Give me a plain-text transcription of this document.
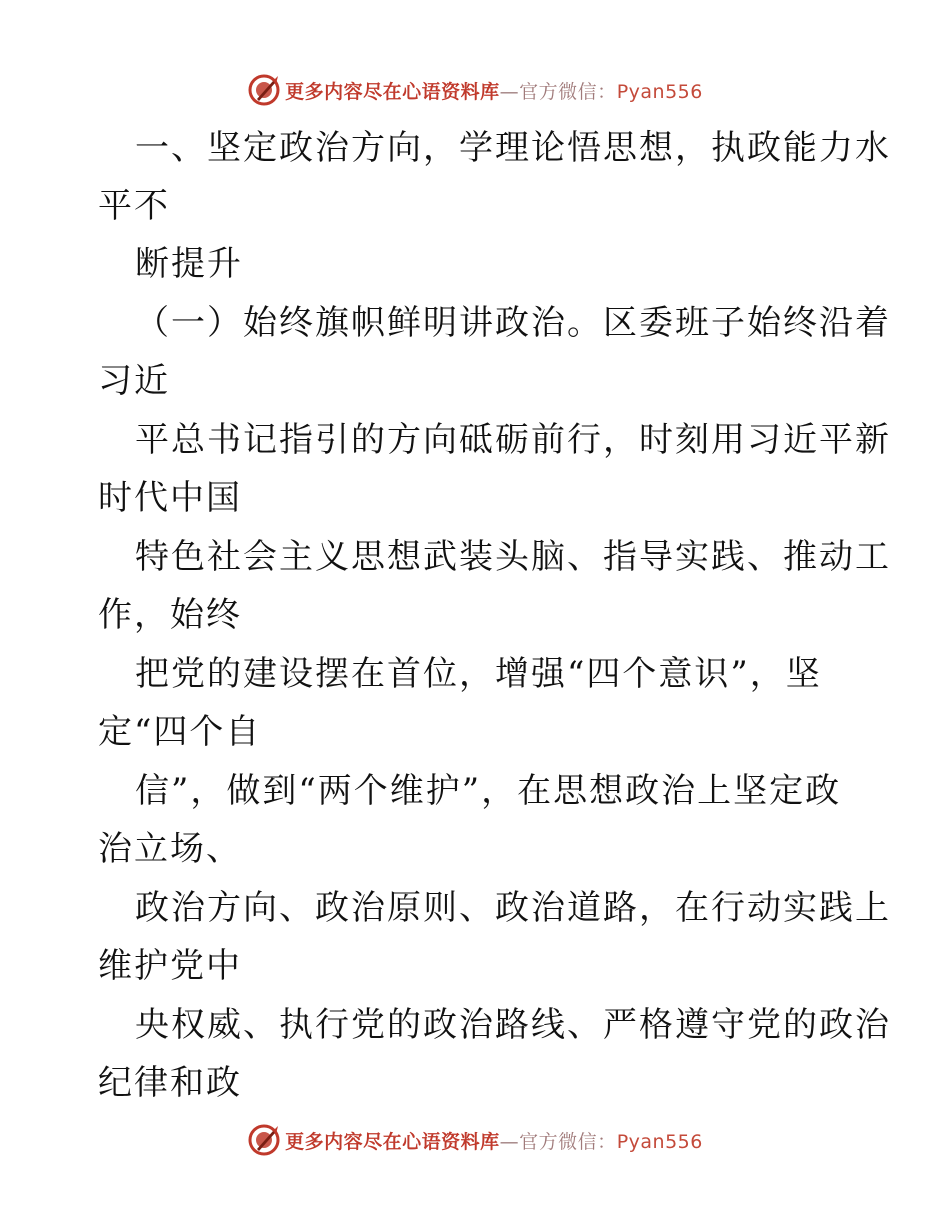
更多内容尽在心语资料库—官方微信：Pyan556
一、坚定政治方向，学理论悟思想，执政能力水
平不
断提升
（一）始终旗帜鲜明讲政治。区委班子始终沿着
习近
平总书记指引的方向砥砺前行，时刻用习近平新
时代中国
特色社会主义思想武装头脑、指导实践、推动工
作，始终
把党的建设摆在首位，增强“四个意识”，坚
定“四个自
信”，做到“两个维护”，在思想政治上坚定政
治立场、
政治方向、政治原则、政治道路，在行动实践上
维护党中
央权威、执行党的政治路线、严格遵守党的政治
纪律和政
更多内容尽在心语资料库—官方微信：Pyan556
